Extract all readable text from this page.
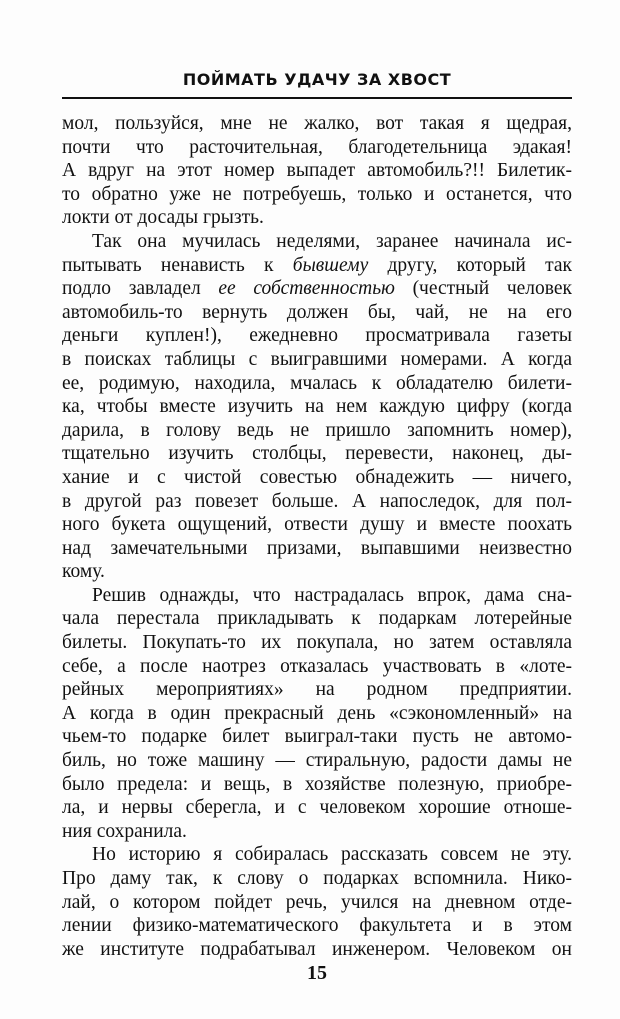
ПОЙМАТЬ УДАЧУ ЗА ХВОСТ
мол, пользуйся, мне не жалко, вот такая я щедрая,
почти что расточительная, благодетельница эдакая!
А вдруг на этот номер выпадет автомобиль?!! Билетик-
то обратно уже не потребуешь, только и останется, что
локти от досады грызть.
Так она мучилась неделями, заранее начинала ис-
пытывать ненависть к бывшему другу, который так
подло завладел ее собственностью (честный человек
автомобиль-то вернуть должен бы, чай, не на его
деньги куплен!), ежедневно просматривала газеты
в поисках таблицы с выигравшими номерами. А когда
ее, родимую, находила, мчалась к обладателю билети-
ка, чтобы вместе изучить на нем каждую цифру (когда
дарила, в голову ведь не пришло запомнить номер),
тщательно изучить столбцы, перевести, наконец, ды-
хание и с чистой совестью обнадежить — ничего,
в другой раз повезет больше. А напоследок, для пол-
ного букета ощущений, отвести душу и вместе поохать
над замечательными призами, выпавшими неизвестно
кому.
Решив однажды, что настрадалась впрок, дама сна-
чала перестала прикладывать к подаркам лотерейные
билеты. Покупать-то их покупала, но затем оставляла
себе, а после наотрез отказалась участвовать в «лоте-
рейных мероприятиях» на родном предприятии.
А когда в один прекрасный день «сэкономленный» на
чьем-то подарке билет выиграл-таки пусть не автомо-
биль, но тоже машину — стиральную, радости дамы не
было предела: и вещь, в хозяйстве полезную, приобре-
ла, и нервы сберегла, и с человеком хорошие отноше-
ния сохранила.
Но историю я собиралась рассказать совсем не эту.
Про даму так, к слову о подарках вспомнила. Нико-
лай, о котором пойдет речь, учился на дневном отде-
лении физико-математического факультета и в этом
же институте подрабатывал инженером. Человеком он
15
